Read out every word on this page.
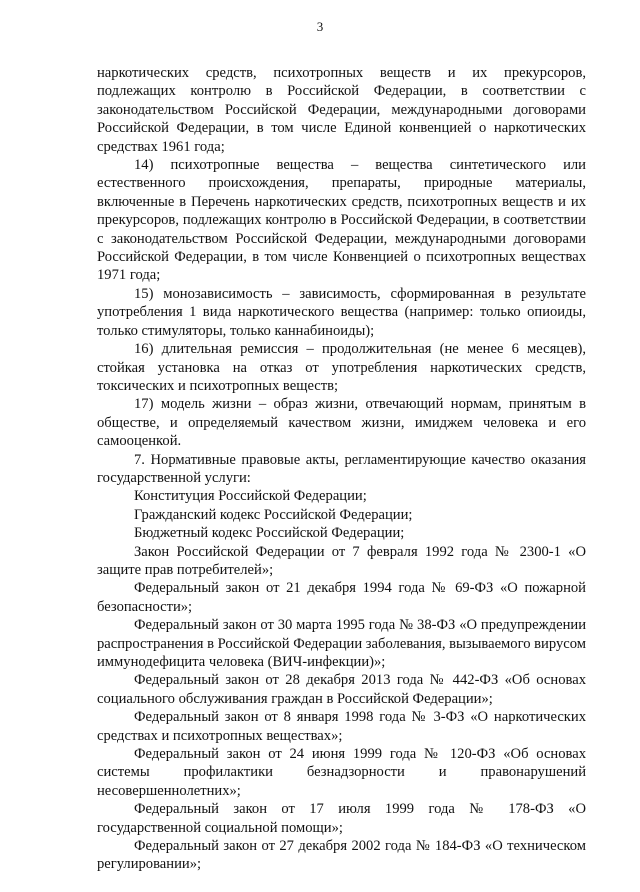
3

наркотических средств, психотропных веществ и их прекурсоров, подлежащих контролю в Российской Федерации, в соответствии с законодательством Российской Федерации, международными договорами Российской Федерации, в том числе Единой конвенцией о наркотических средствах 1961 года;

14) психотропные вещества – вещества синтетического или естественного происхождения, препараты, природные материалы, включенные в Перечень наркотических средств, психотропных веществ и их прекурсоров, подлежащих контролю в Российской Федерации, в соответствии с законодательством Российской Федерации, международными договорами Российской Федерации, в том числе Конвенцией о психотропных веществах 1971 года;

15) монозависимость – зависимость, сформированная в результате употребления 1 вида наркотического вещества (например: только опиоиды, только стимуляторы, только каннабиноиды);

16) длительная ремиссия – продолжительная (не менее 6 месяцев), стойкая установка на отказ от употребления наркотических средств, токсических и психотропных веществ;

17) модель жизни – образ жизни, отвечающий нормам, принятым в обществе, и определяемый качеством жизни, имиджем человека и его самооценкой.

7. Нормативные правовые акты, регламентирующие качество оказания государственной услуги:

Конституция Российской Федерации;

Гражданский кодекс Российской Федерации;

Бюджетный кодекс Российской Федерации;

Закон Российской Федерации от 7 февраля 1992 года № 2300-1 «О защите прав потребителей»;

Федеральный закон от 21 декабря 1994 года № 69-ФЗ «О пожарной безопасности»;

Федеральный закон от 30 марта 1995 года № 38-ФЗ «О предупреждении распространения в Российской Федерации заболевания, вызываемого вирусом иммунодефицита человека (ВИЧ-инфекции)»;

Федеральный закон от 28 декабря 2013 года № 442-ФЗ «Об основах социального обслуживания граждан в Российской Федерации»;

Федеральный закон от 8 января 1998 года № 3-ФЗ «О наркотических средствах и психотропных веществах»;

Федеральный закон от 24 июня 1999 года № 120-ФЗ «Об основах системы профилактики безнадзорности и правонарушений несовершеннолетних»;

Федеральный закон от 17 июля 1999 года № 178-ФЗ «О государственной социальной помощи»;

Федеральный закон от 27 декабря 2002 года № 184-ФЗ «О техническом регулировании»;
